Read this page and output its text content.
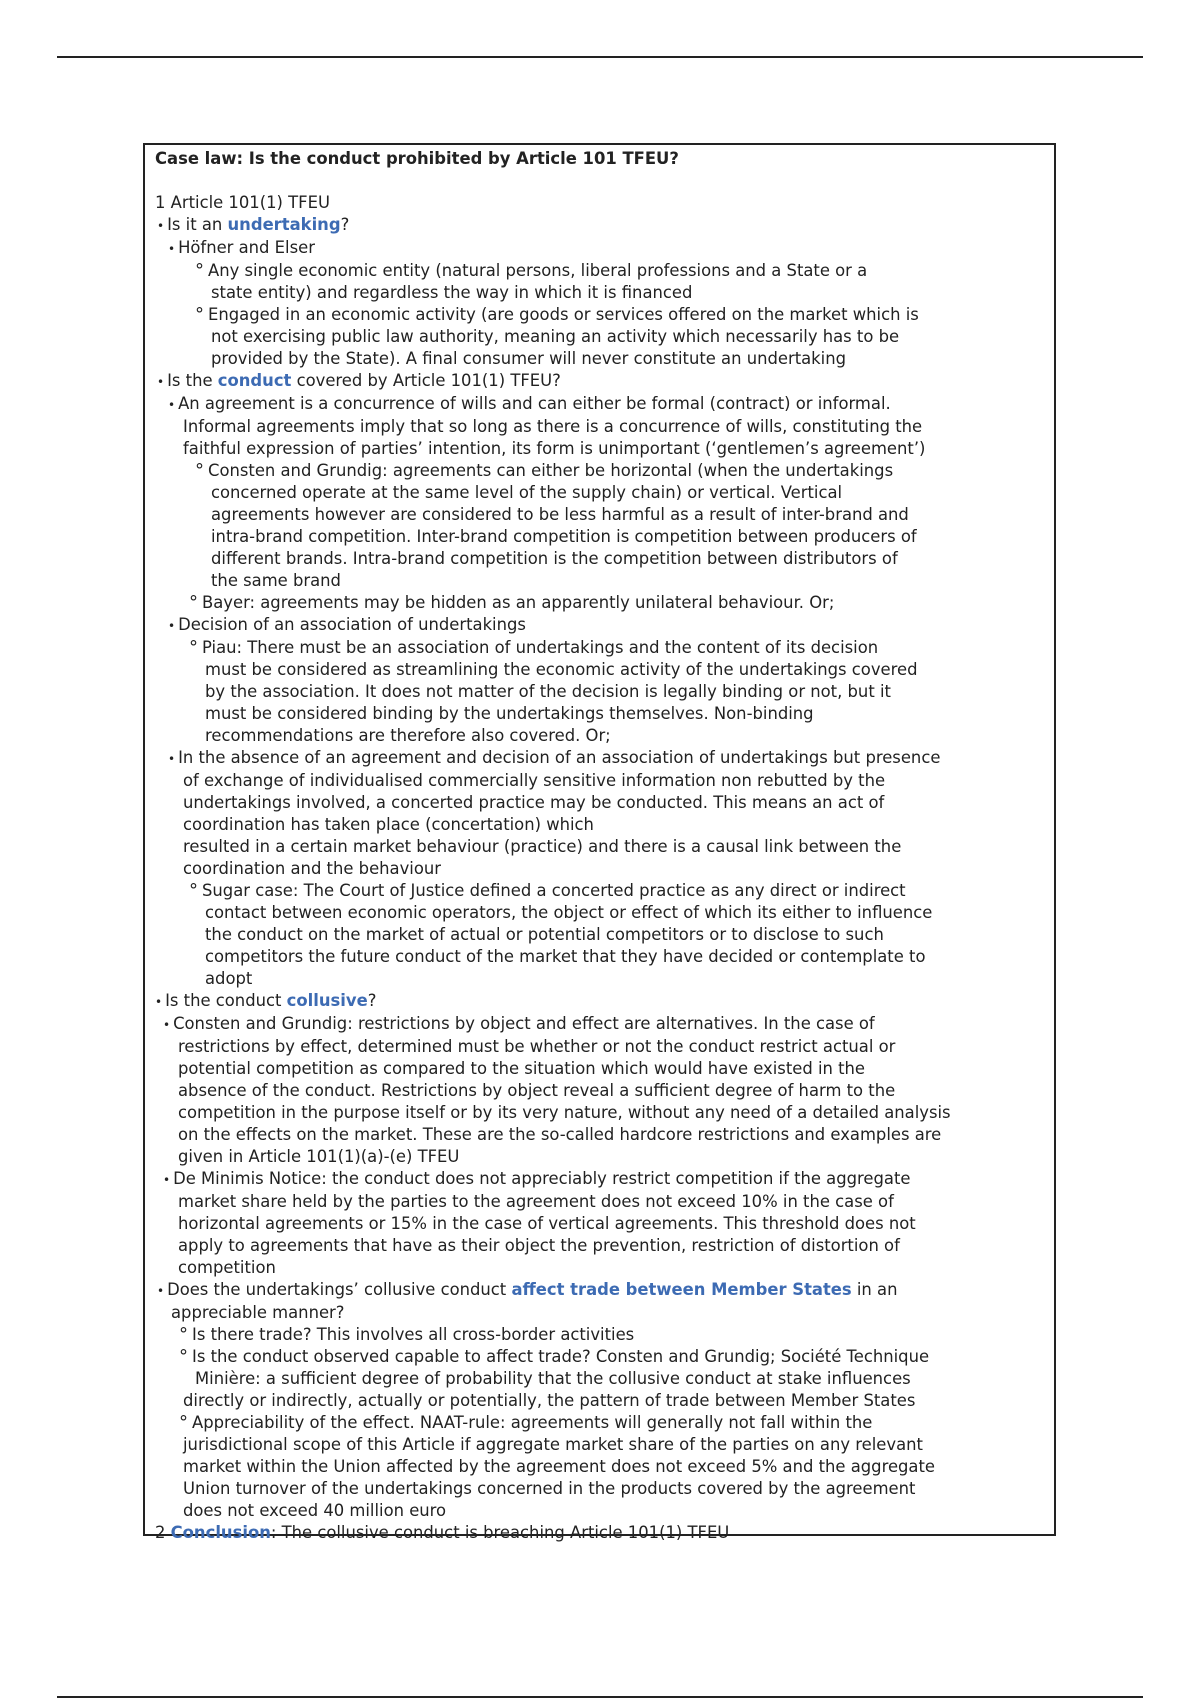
Case law: Is the conduct prohibited by Article 101 TFEU?
1 Article 101(1) TFEU
• Is it an undertaking?
• Höfner and Elser
° Any single economic entity (natural persons, liberal professions and a State or a
state entity) and regardless the way in which it is financed
° Engaged in an economic activity (are goods or services offered on the market which is
not exercising public law authority, meaning an activity which necessarily has to be
provided by the State). A final consumer will never constitute an undertaking
• Is the conduct covered by Article 101(1) TFEU?
• An agreement is a concurrence of wills and can either be formal (contract) or informal.
Informal agreements imply that so long as there is a concurrence of wills, constituting the
faithful expression of parties’ intention, its form is unimportant (‘gentlemen’s agreement’)
° Consten and Grundig: agreements can either be horizontal (when the undertakings
concerned operate at the same level of the supply chain) or vertical. Vertical
agreements however are considered to be less harmful as a result of inter-brand and
intra-brand competition. Inter-brand competition is competition between producers of
different brands. Intra-brand competition is the competition between distributors of
the same brand
° Bayer: agreements may be hidden as an apparently unilateral behaviour. Or;
• Decision of an association of undertakings
° Piau: There must be an association of undertakings and the content of its decision
must be considered as streamlining the economic activity of the undertakings covered
by the association. It does not matter of the decision is legally binding or not, but it
must be considered binding by the undertakings themselves. Non-binding
recommendations are therefore also covered. Or;
• In the absence of an agreement and decision of an association of undertakings but presence
of exchange of individualised commercially sensitive information non rebutted by the
undertakings involved, a concerted practice may be conducted. This means an act of
coordination has taken place (concertation) which
resulted in a certain market behaviour (practice) and there is a causal link between the
coordination and the behaviour
° Sugar case: The Court of Justice defined a concerted practice as any direct or indirect
contact between economic operators, the object or effect of which its either to influence
the conduct on the market of actual or potential competitors or to disclose to such
competitors the future conduct of the market that they have decided or contemplate to
adopt
• Is the conduct collusive?
• Consten and Grundig: restrictions by object and effect are alternatives. In the case of
restrictions by effect, determined must be whether or not the conduct restrict actual or
potential competition as compared to the situation which would have existed in the
absence of the conduct. Restrictions by object reveal a sufficient degree of harm to the
competition in the purpose itself or by its very nature, without any need of a detailed analysis
on the effects on the market. These are the so-called hardcore restrictions and examples are
given in Article 101(1)(a)-(e) TFEU
• De Minimis Notice: the conduct does not appreciably restrict competition if the aggregate
market share held by the parties to the agreement does not exceed 10% in the case of
horizontal agreements or 15% in the case of vertical agreements. This threshold does not
apply to agreements that have as their object the prevention, restriction of distortion of
competition
• Does the undertakings’ collusive conduct affect trade between Member States in an
appreciable manner?
° Is there trade? This involves all cross-border activities
° Is the conduct observed capable to affect trade? Consten and Grundig; Société Technique
Minière: a sufficient degree of probability that the collusive conduct at stake influences
directly or indirectly, actually or potentially, the pattern of trade between Member States
° Appreciability of the effect. NAAT-rule: agreements will generally not fall within the
jurisdictional scope of this Article if aggregate market share of the parties on any relevant
market within the Union affected by the agreement does not exceed 5% and the aggregate
Union turnover of the undertakings concerned in the products covered by the agreement
does not exceed 40 million euro
2 Conclusion: The collusive conduct is breaching Article 101(1) TFEU
